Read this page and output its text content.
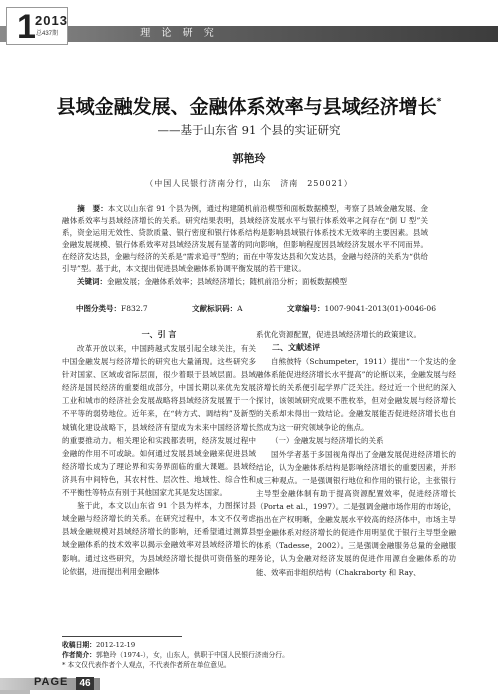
1 2013
总437期	理 论 研 究
县域金融发展、金融体系效率与县域经济增长*
——基于山东省 91 个县的实证研究
郭艳玲
（中国人民银行济南分行，山东　济南　250021）

　　摘　要：本文以山东省 91 个县为例，通过构建随机前沿模型和面板数据模型，考察了县域金融发展、金融体系效率与县域经济增长的关系。研究结果表明，县域经济发展水平与银行体系效率之间存在“倒 U 型”关系，资金运用无效性、贷款质量、银行密度和银行体系结构是影响县域银行体系技术无效率的主要因素。县域金融发展规模、银行体系效率对县域经济发展有显著的同向影响，但影响程度因县域经济发展水平不同而异。在经济发达县，金融与经济的关系是“需求追寻”型的；而在中等发达县和欠发达县，金融与经济的关系为“供给引导”型。基于此，本文提出促进县域金融体系协调平衡发展的若干建议。

　　关键词：金融发展；金融体系效率；县域经济增长；随机前沿分析；面板数据模型

中图分类号：F832.7	文献标识码：A	文章编号：1007-9041-2013(01)-0046-06
一、引 言

改革开放以来，中国跨越式发展引起全球关注，有关中国金融发展与经济增长的研究也大量涌现。这些研究多针对国家、区域或省际层面，很少着眼于县域层面。县域经济是国民经济的重要组成部分，中国长期以来优先发展工业和城市的经济社会发展战略将县域经济发展置于一个不平等的弱势地位。近年来，在“转方式、调结构”及新型城镇化建设战略下，县域经济有望成为未来中国经济增长的重要推动力。相关理论和实践都表明，经济发展过程中金融的作用不可或缺。如何通过发展县域金融来促进县域经济增长成为了理论界和实务界面临的重大课题。县域经济具有中间特色，其农村性、层次性、地域性、综合性和不平衡性等特点有别于其他国家尤其是发达国家。

鉴于此，本文以山东省 91 个县为样本，力图探讨县域金融与经济增长的关系。在研究过程中，本文不仅考虑县域金融规模对县域经济增长的影响，还希望通过测算县域金融体系的技术效率以揭示金融效率对县域经济增长的影响。通过这些研究，为县域经济增长提供可资借鉴的理论依据，进而提出利用金融体

系优化资源配置，促进县域经济增长的政策建议。

二、文献述评

自熊彼特（Schumpeter，1911）提出“一个发达的金融体系能促进经济增长水平提高”的论断以来，金融发展与经济增长的关系便引起学界广泛关注。经过近一个世纪的深入探讨，该领域研究成果不胜枚举，但对金融发展与经济增长的关系却未得出一致结论。金融发展能否促进经济增长也自然成为这一研究领域争论的焦点。

（一）金融发展与经济增长的关系

国外学者基于多国视角得出了金融发展促进经济增长的结论，认为金融体系结构是影响经济增长的重要因素，并形成三种观点。一是强调银行地位和作用的银行论，主张银行主导型金融体制有助于提高资源配置效率，促进经济增长（Porta et al.，1997）。二是强调金融市场作用的市场论，指出在产权明晰，金融发展水平较高的经济体中，市场主导型金融体系对经济增长的促进作用明显优于银行主导型金融体系（Tadesse，2002）。三是强调金融服务总量的金融服务论，认为金融对经济发展的促进作用源自金融体系的功能、效率而非组织结构（Chakraborty 和 Ray、

收稿日期：2012-12-19
作者简介：郭艳玲（1974-），女，山东人，供职于中国人民银行济南分行。
* 本文仅代表作者个人观点，不代表作者所在单位意见。
PAGE	46
